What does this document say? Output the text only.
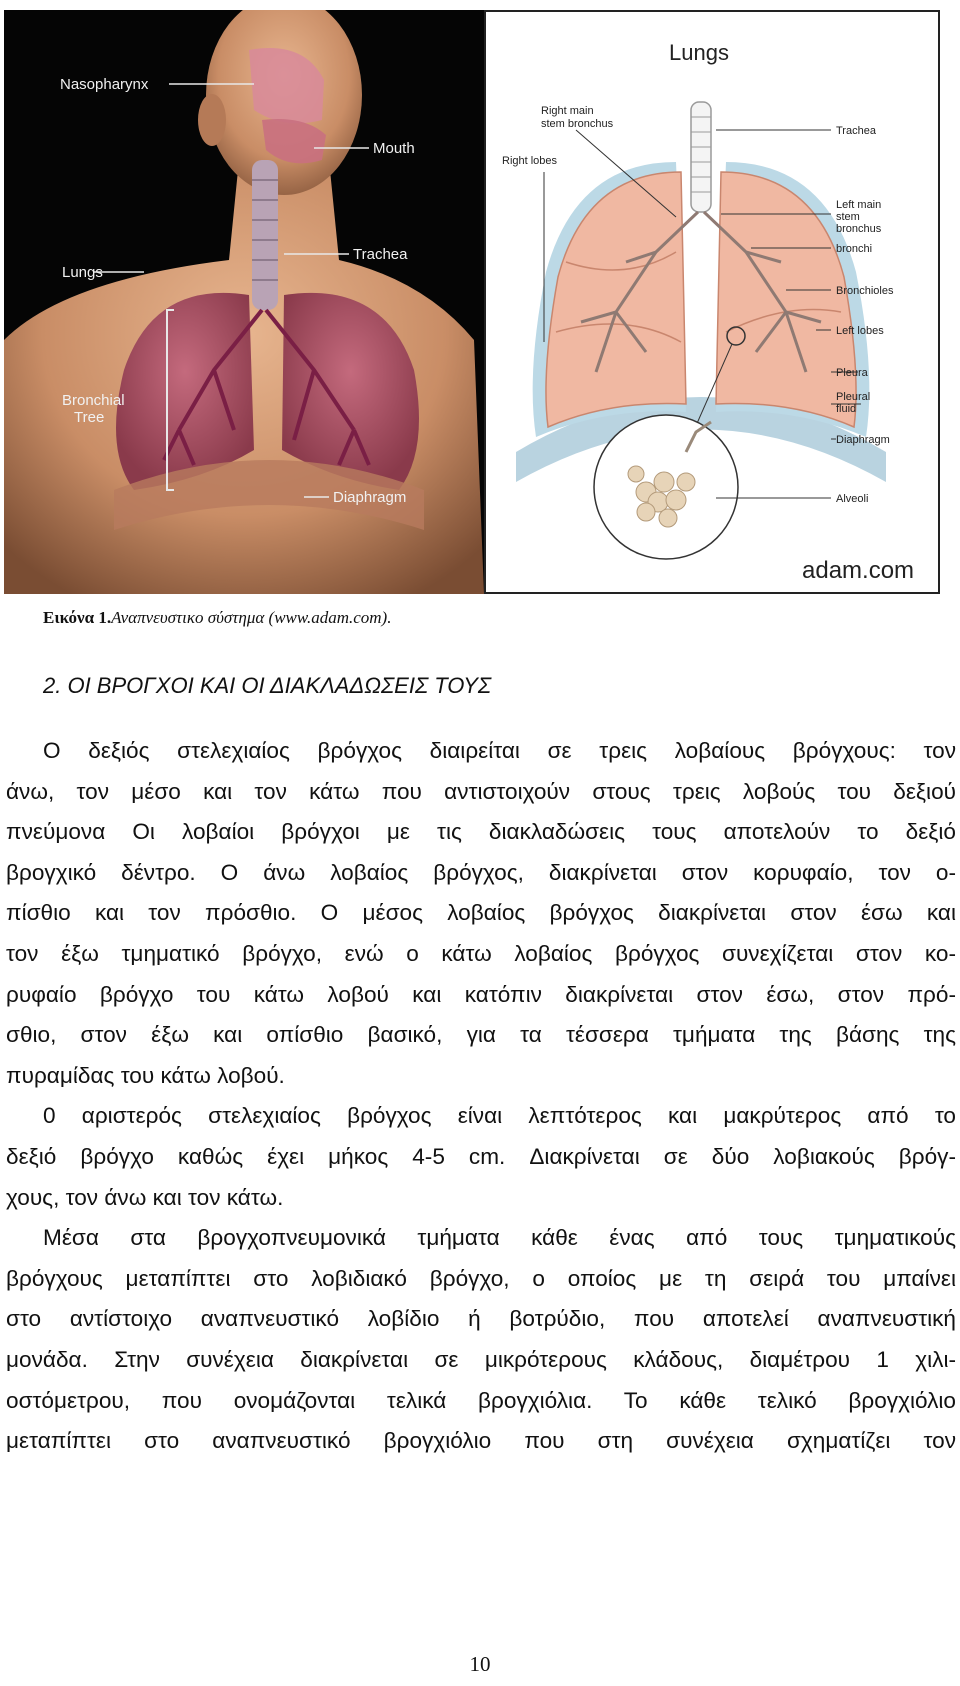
Nasopharynx
Mouth
Trachea
Lungs
Bronchial
Tree
Diaphragm
Lungs
Right main
stem bronchus
Right lobes
Trachea
Left main
stem
bronchus
bronchi
Bronchioles
Left lobes
Pleura
Pleural
fluid
Diaphragm
Alveoli
adam.com
Εικόνα 1.Αναπνευστικο σύστημα (www.adam.com).
2. ΟΙ ΒΡΟΓΧΟΙ ΚΑΙ ΟΙ ΔΙΑΚΛΑΔΩΣΕΙΣ ΤΟΥΣ
Ο δεξιός στελεχιαίος βρόγχος διαιρείται σε τρεις λοβαίους βρόγχους: τον
άνω, τον μέσο και τον κάτω που αντιστοιχούν στους τρεις λοβούς του δεξιού
πνεύμονα Οι λοβαίοι βρόγχοι με τις διακλαδώσεις τους αποτελούν το δεξιό
βρογχικό δέντρο. Ο άνω λοβαίος βρόγχος, διακρίνεται στον κορυφαίο, τον ο-
πίσθιο και τον πρόσθιο. Ο μέσος λοβαίος βρόγχος διακρίνεται στον έσω και
τον έξω τμηματικό βρόγχο, ενώ ο κάτω λοβαίος βρόγχος συνεχίζεται στον κο-
ρυφαίο βρόγχο του κάτω λοβού και κατόπιν διακρίνεται στον έσω, στον πρό-
σθιο, στον έξω και οπίσθιο βασικό, για τα τέσσερα τμήματα της βάσης της
πυραμίδας του κάτω λοβού.
0 αριστερός στελεχιαίος βρόγχος είναι λεπτότερος και μακρύτερος από το
δεξιό βρόγχο καθώς έχει μήκος 4-5 cm. Διακρίνεται σε δύο λοβιακούς βρόγ-
χους, τον άνω και τον κάτω.
Μέσα στα βρογχοπνευμονικά τμήματα κάθε ένας από τους τμηματικούς
βρόγχους μεταπίπτει στο λοβιδιακό βρόγχο, ο οποίος με τη σειρά του μπαίνει
στο αντίστοιχο αναπνευστικό λοβίδιο ή βοτρύδιο, που αποτελεί αναπνευστική
μονάδα. Στην συνέχεια διακρίνεται σε μικρότερους κλάδους, διαμέτρου 1 χιλι-
οστόμετρου, που ονομάζονται τελικά βρογχιόλια. Το κάθε τελικό βρογχιόλιο
μεταπίπτει στο αναπνευστικό βρογχιόλιο που στη συνέχεια σχηματίζει τον
10
